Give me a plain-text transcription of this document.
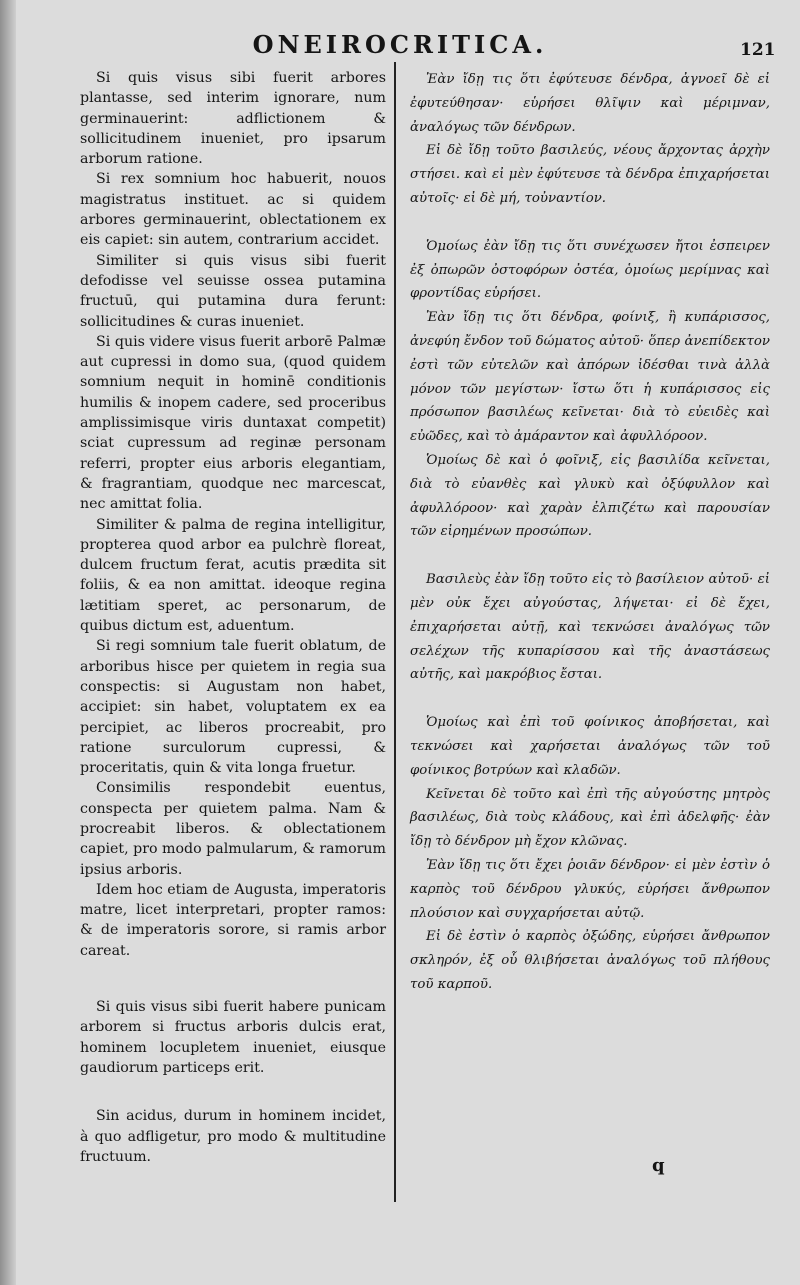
ONEIROCRITICA.	121

Si quis visus sibi fuerit arbores plantasse, sed interim ignorare, num germinauerint: adflictionem & sollicitudinem inueniet, pro ipsarum arborum ratione.

Si rex somnium hoc habuerit, nouos magistratus instituet. ac si quidem arbores germinauerint, oblectationem ex eis capiet: sin autem, contrarium accidet.

Similiter si quis visus sibi fuerit defodisse vel seuisse ossea putamina fructuū, qui putamina dura ferunt: sollicitudines & curas inueniet.

Si quis videre visus fuerit arborē Palmæ aut cupressi in domo sua, (quod quidem somnium nequit in hominē conditionis humilis & inopem cadere, sed proceribus amplissimisque viris duntaxat competit) sciat cupressum ad reginæ personam referri, propter eius arboris elegantiam, & fragrantiam, quodque nec marcescat, nec amittat folia.

Similiter & palma de regina intelligitur, propterea quod arbor ea pulchrè floreat, dulcem fructum ferat, acutis prædita sit foliis, & ea non amittat. ideoque regina lætitiam speret, ac personarum, de quibus dictum est, aduentum.

Si regi somnium tale fuerit oblatum, de arboribus hisce per quietem in regia sua conspectis: si Augustam non habet, accipiet: sin habet, voluptatem ex ea percipiet, ac liberos procreabit, pro ratione surculorum cupressi, & proceritatis, quin & vita longa fruetur.

Consimilis respondebit euentus, conspecta per quietem palma. Nam & procreabit liberos. & oblectationem capiet, pro modo palmularum, & ramorum ipsius arboris.

Idem hoc etiam de Augusta, imperatoris matre, licet interpretari, propter ramos: & de imperatoris sorore, si ramis arbor careat.

Si quis visus sibi fuerit habere punicam arborem si fructus arboris dulcis erat, hominem locupletem inueniet, eiusque gaudiorum particeps erit.

Sin acidus, durum in hominem incidet, à quo adfligetur, pro modo & multitudine fructuum.

Ἐὰν ἴδῃ τις ὅτι ἐφύτευσε δένδρα, ἀγνοεῖ δὲ εἰ ἐφυτεύθησαν· εὑρήσει θλῖψιν καὶ μέριμναν, ἀναλόγως τῶν δένδρων.

Εἰ δὲ ἴδῃ τοῦτο βασιλεύς, νέους ἄρχοντας ἀρχὴν στήσει. καὶ εἰ μὲν ἐφύτευσε τὰ δένδρα ἐπιχαρήσεται αὐτοῖς· εἰ δὲ μή, τοὐναντίον.

Ὁμοίως ἐὰν ἴδῃ τις ὅτι συνέχωσεν ἤτοι ἐσπειρεν ἐξ ὀπωρῶν ὀστοφόρων ὀστέα, ὁμοίως μερίμνας καὶ φροντίδας εὑρήσει.

Ἐὰν ἴδῃ τις ὅτι δένδρα, φοίνιξ, ἢ κυπάρισσος, ἀνεφύη ἔνδον τοῦ δώματος αὐτοῦ· ὅπερ ἀνεπίδεκτον ἐστὶ τῶν εὐτελῶν καὶ ἀπόρων ἰδέσθαι τινὰ ἀλλὰ μόνον τῶν μεγίστων· ἴστω ὅτι ἡ κυπάρισσος εἰς πρόσωπον βασιλέως κεῖνεται· διὰ τὸ εὐειδὲς καὶ εὐῶδες, καὶ τὸ ἀμάραντον καὶ ἀφυλλόροον.

Ὁμοίως δὲ καὶ ὁ φοῖνιξ, εἰς βασιλίδα κεῖνεται, διὰ τὸ εὐανθὲς καὶ γλυκὺ καὶ ὀξύφυλλον καὶ ἀφυλλόροον· καὶ χαρὰν ἐλπιζέτω καὶ παρουσίαν τῶν εἰρημένων προσώπων.

Βασιλεὺς ἐὰν ἴδῃ τοῦτο εἰς τὸ βασίλειον αὐτοῦ· εἰ μὲν οὐκ ἔχει αὐγούστας, λήψεται· εἰ δὲ ἔχει, ἐπιχαρήσεται αὐτῇ, καὶ τεκνώσει ἀναλόγως τῶν σελέχων τῆς κυπαρίσσου καὶ τῆς ἀναστάσεως αὐτῆς, καὶ μακρόβιος ἔσται.

Ὁμοίως καὶ ἐπὶ τοῦ φοίνικος ἀποβήσεται, καὶ τεκνώσει καὶ χαρήσεται ἀναλόγως τῶν τοῦ φοίνικος βοτρύων καὶ κλαδῶν.

Κεῖνεται δὲ τοῦτο καὶ ἐπὶ τῆς αὐγούστης μητρὸς βασιλέως, διὰ τοὺς κλάδους, καὶ ἐπὶ ἀδελφῆς· ἐὰν ἴδῃ τὸ δένδρον μὴ ἔχον κλῶνας.

Ἐὰν ἴδῃ τις ὅτι ἔχει ῥοιᾶν δένδρον· εἰ μὲν ἐστὶν ὁ καρπὸς τοῦ δένδρου γλυκύς, εὑρήσει ἄνθρωπον πλούσιον καὶ συγχαρήσεται αὐτῷ.

Εἰ δὲ ἐστὶν ὁ καρπὸς ὀξώδης, εὑρήσει ἄνθρωπον σκληρόν, ἐξ οὗ θλιβήσεται ἀναλόγως τοῦ πλήθους τοῦ καρποῦ.

q
